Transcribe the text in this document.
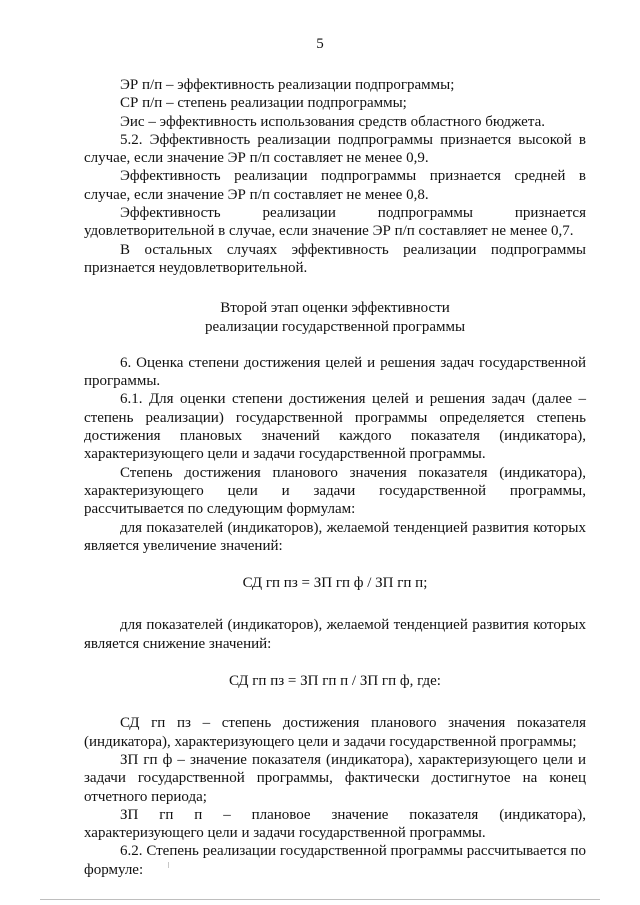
5

ЭР п/п – эффективность реализации подпрограммы;

СР п/п – степень реализации подпрограммы;

Эис – эффективность использования средств областного бюджета.

5.2. Эффективность реализации подпрограммы признается высокой в случае, если значение ЭР п/п составляет не менее 0,9.

Эффективность реализации подпрограммы признается средней в случае, если значение ЭР п/п составляет не менее 0,8.

Эффективность реализации подпрограммы признается удовлетворительной в случае, если значение ЭР п/п составляет не менее 0,7.

В остальных случаях эффективность реализации подпрограммы признается неудовлетворительной.

Второй этап оценки эффективности
реализации государственной программы

6. Оценка степени достижения целей и решения задач государственной программы.

6.1. Для оценки степени достижения целей и решения задач (далее – степень реализации) государственной программы определяется степень достижения плановых значений каждого показателя (индикатора), характеризующего цели и задачи государственной программы.

Степень достижения планового значения показателя (индикатора), характеризующего цели и задачи государственной программы, рассчитывается по следующим формулам:

для показателей (индикаторов), желаемой тенденцией развития которых является увеличение значений:

СД гп пз = ЗП гп ф / ЗП гп п;

для показателей (индикаторов), желаемой тенденцией развития которых является снижение значений:

СД гп пз = ЗП гп п / ЗП гп ф, где:

СД гп пз – степень достижения планового значения показателя (индикатора), характеризующего цели и задачи государственной программы;

ЗП гп ф – значение показателя (индикатора), характеризующего цели и задачи государственной программы, фактически достигнутое на конец отчетного периода;

ЗП гп п – плановое значение показателя (индикатора), характеризующего цели и задачи государственной программы.

6.2. Степень реализации государственной программы рассчитывается по формуле:
